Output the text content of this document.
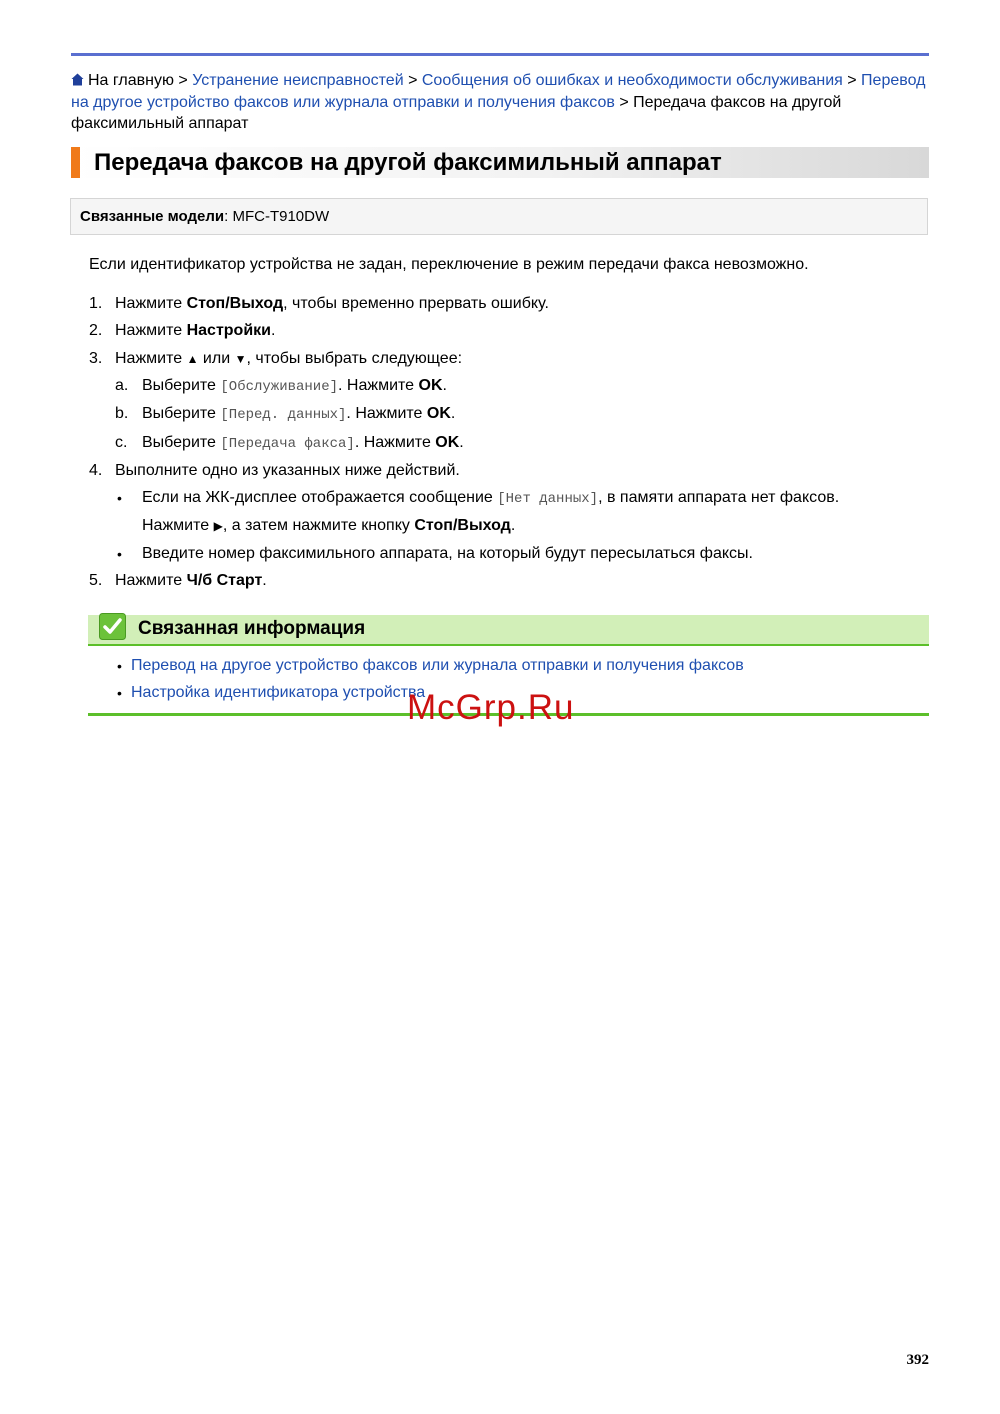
На главную > Устранение неисправностей > Сообщения об ошибках и необходимости обслуживания > Перевод на другое устройство факсов или журнала отправки и получения факсов > Передача факсов на другой факсимильный аппарат
Передача факсов на другой факсимильный аппарат
Связанные модели: MFC-T910DW
Если идентификатор устройства не задан, переключение в режим передачи факса невозможно.
1. Нажмите Стоп/Выход, чтобы временно прервать ошибку.
2. Нажмите Настройки.
3. Нажмите ▲ или ▼, чтобы выбрать следующее:
a. Выберите [Обслуживание]. Нажмите OK.
b. Выберите [Перед. данных]. Нажмите OK.
c. Выберите [Передача факса]. Нажмите OK.
4. Выполните одно из указанных ниже действий.
• Если на ЖК-дисплее отображается сообщение [Нет данных], в памяти аппарата нет факсов.
Нажмите ▶, а затем нажмите кнопку Стоп/Выход.
• Введите номер факсимильного аппарата, на который будут пересылаться факсы.
5. Нажмите Ч/б Старт.
Связанная информация
• Перевод на другое устройство факсов или журнала отправки и получения факсов
• Настройка идентификатора устройства
McGrp.Ru
392
